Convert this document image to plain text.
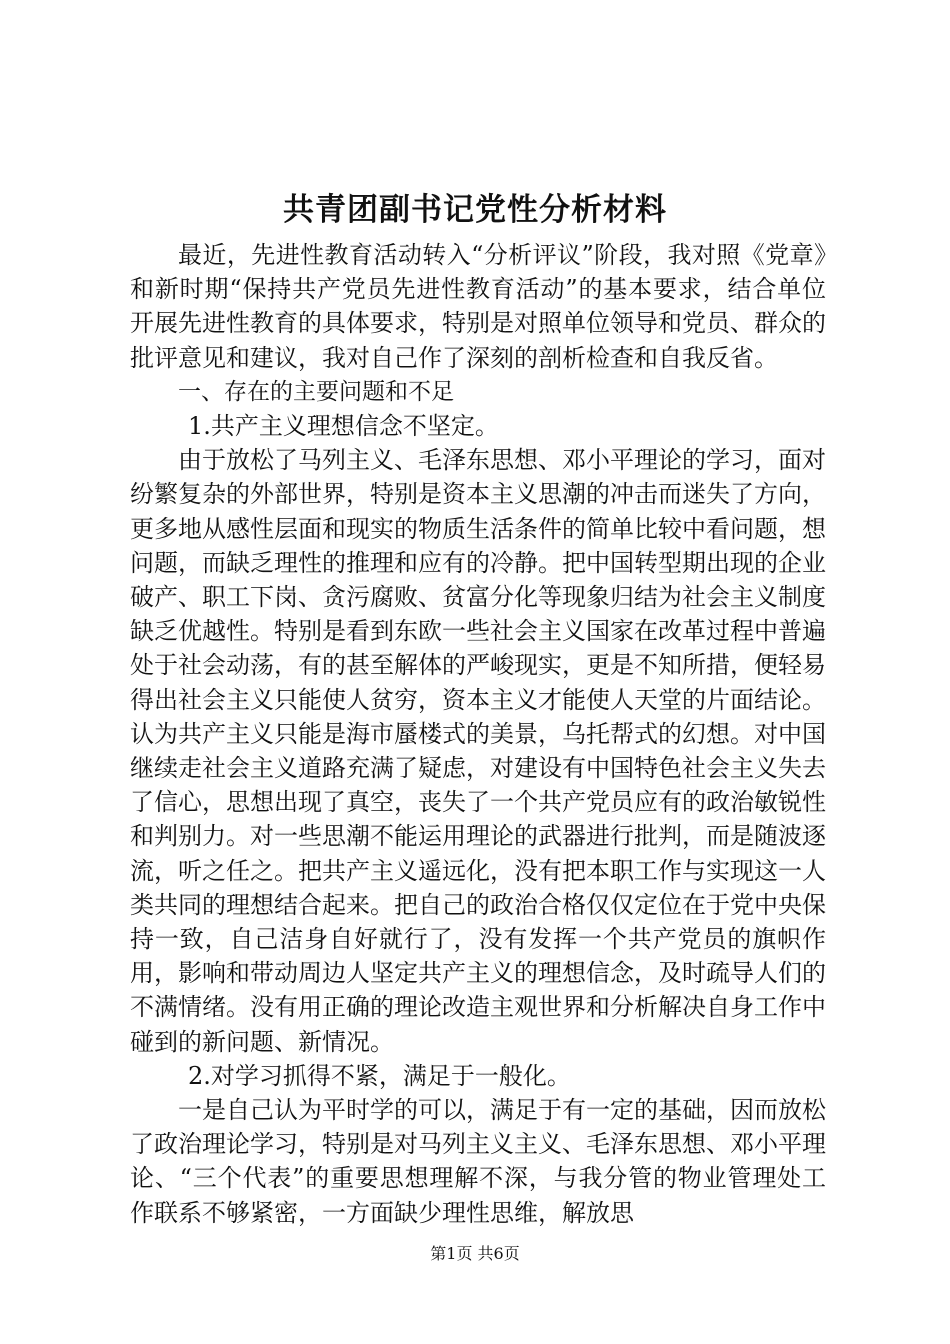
共青团副书记党性分析材料

最近，先进性教育活动转入“分析评议”阶段，我对照《党章》和新时期“保持共产党员先进性教育活动”的基本要求，结合单位开展先进性教育的具体要求，特别是对照单位领导和党员、群众的批评意见和建议，我对自己作了深刻的剖析检查和自我反省。

一、存在的主要问题和不足

1.共产主义理想信念不坚定。

由于放松了马列主义、毛泽东思想、邓小平理论的学习，面对纷繁复杂的外部世界，特别是资本主义思潮的冲击而迷失了方向，更多地从感性层面和现实的物质生活条件的简单比较中看问题，想问题，而缺乏理性的推理和应有的冷静。把中国转型期出现的企业破产、职工下岗、贪污腐败、贫富分化等现象归结为社会主义制度缺乏优越性。特别是看到东欧一些社会主义国家在改革过程中普遍处于社会动荡，有的甚至解体的严峻现实，更是不知所措，便轻易得出社会主义只能使人贫穷，资本主义才能使人天堂的片面结论。认为共产主义只能是海市蜃楼式的美景，乌托帮式的幻想。对中国继续走社会主义道路充满了疑虑，对建设有中国特色社会主义失去了信心，思想出现了真空，丧失了一个共产党员应有的政治敏锐性和判别力。对一些思潮不能运用理论的武器进行批判，而是随波逐流，听之任之。把共产主义遥远化，没有把本职工作与实现这一人类共同的理想结合起来。把自己的政治合格仅仅定位在于党中央保持一致，自己洁身自好就行了，没有发挥一个共产党员的旗帜作用，影响和带动周边人坚定共产主义的理想信念，及时疏导人们的不满情绪。没有用正确的理论改造主观世界和分析解决自身工作中碰到的新问题、新情况。

2.对学习抓得不紧，满足于一般化。

一是自己认为平时学的可以，满足于有一定的基础，因而放松了政治理论学习，特别是对马列主义主义、毛泽东思想、邓小平理论、“三个代表”的重要思想理解不深，与我分管的物业管理处工作联系不够紧密，一方面缺少理性思维，解放思

第1页 共6页
